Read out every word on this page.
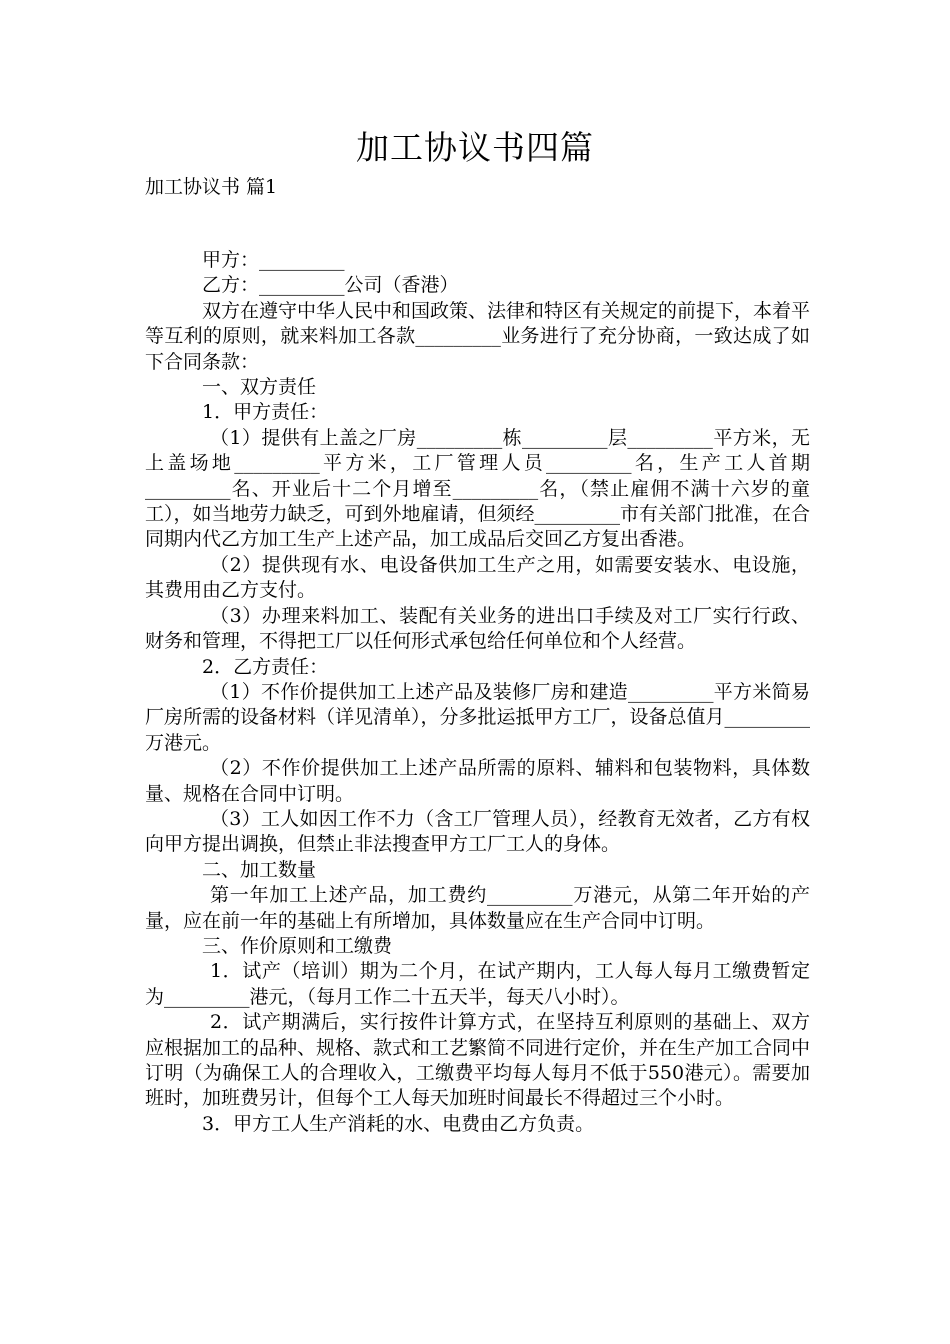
加工协议书四篇
加工协议书 篇1

甲方：_________

乙方：_________公司（香港）

双方在遵守中华人民中和国政策、法律和特区有关规定的前提下，本着平等互利的原则，就来料加工各款_________业务进行了充分协商，一致达成了如下合同条款：

一、双方责任

1．甲方责任：

（1）提供有上盖之厂房_________栋_________层_________平方米，无上盖场地_________平方米，工厂管理人员_________名，生产工人首期_________名、开业后十二个月增至_________名，（禁止雇佣不满十六岁的童工），如当地劳力缺乏，可到外地雇请，但须经_________市有关部门批准，在合同期内代乙方加工生产上述产品，加工成品后交回乙方复出香港。

（2）提供现有水、电设备供加工生产之用，如需要安装水、电设施，其费用由乙方支付。

（3）办理来料加工、装配有关业务的进出口手续及对工厂实行行政、财务和管理，不得把工厂以任何形式承包给任何单位和个人经营。

2．乙方责任：

（1）不作价提供加工上述产品及装修厂房和建造_________平方米简易厂房所需的设备材料（详见清单），分多批运抵甲方工厂，设备总值月_________万港元。

（2）不作价提供加工上述产品所需的原料、辅料和包装物料，具体数量、规格在合同中订明。

（3）工人如因工作不力（含工厂管理人员），经教育无效者，乙方有权向甲方提出调换，但禁止非法搜查甲方工厂工人的身体。

二、加工数量

第一年加工上述产品，加工费约_________万港元，从第二年开始的产量，应在前一年的基础上有所增加，具体数量应在生产合同中订明。

三、作价原则和工缴费

1．试产（培训）期为二个月，在试产期内，工人每人每月工缴费暂定为_________港元，（每月工作二十五天半，每天八小时）。

2．试产期满后，实行按件计算方式，在坚持互利原则的基础上、双方应根据加工的品种、规格、款式和工艺繁简不同进行定价，并在生产加工合同中订明（为确保工人的合理收入，工缴费平均每人每月不低于550港元）。需要加班时，加班费另计，但每个工人每天加班时间最长不得超过三个小时。

3．甲方工人生产消耗的水、电费由乙方负责。
